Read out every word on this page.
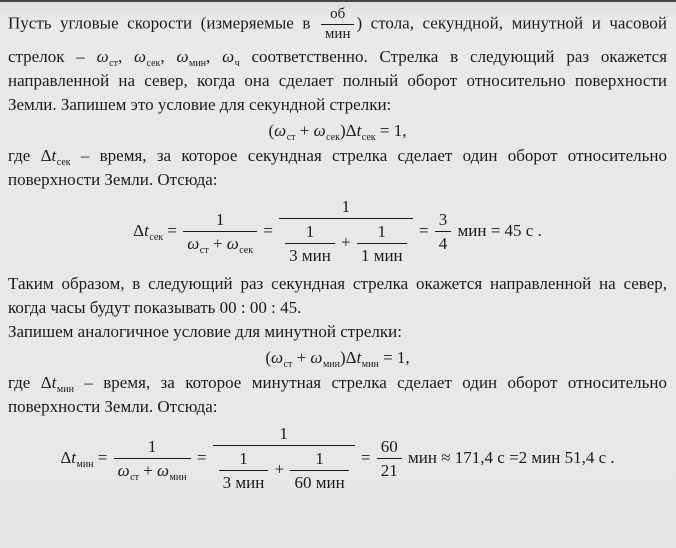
Пусть угловые скорости (измеряемые в $\frac{об}{\text{мин}}$ ) стола, секундной, минутной и часовой стрелок – $\omega_{ст}$, $\omega_{сек}$, $\omega_{мин}$, $\omega_ч$ соответственно. Стрелка в следующий раз окажется направленной на север, когда она сделает полный оборот относительно поверхности Земли. Запишем это условие для секундной стрелки:
$(\omega_{ст} + \omega_{сек})\Delta t_{сек} = 1$,
где $\Delta t_{сек}$ – время, за которое секундная стрелка сделает один оборот относительно поверхности Земли. Отсюда:
$\Delta t_{сек} = \frac{1}{\omega_{ст} + \omega_{сек}} = \frac{1}{\frac{1}{\text{3 мин}} + \frac{1}{\text{1 мин}}} = \frac{3}{4}$ мин = 45 с .
Таким образом, в следующий раз секундная стрелка окажется направленной на север, когда часы будут показывать 00 : 00 : 45.
Запишем аналогичное условие для минутной стрелки:
$(\omega_{ст} + \omega_{мин})\Delta t_{мин} = 1$,
где $\Delta t_{мин}$ – время, за которое минутная стрелка сделает один оборот относительно поверхности Земли. Отсюда:
$\Delta t_{мин} = \frac{1}{\omega_{ст} + \omega_{мин}} = \frac{1}{\frac{1}{\text{3 мин}} + \frac{1}{\text{60 мин}}} = \frac{60}{21}$ мин ≈ 171,4 с =2 мин 51,4 с .
